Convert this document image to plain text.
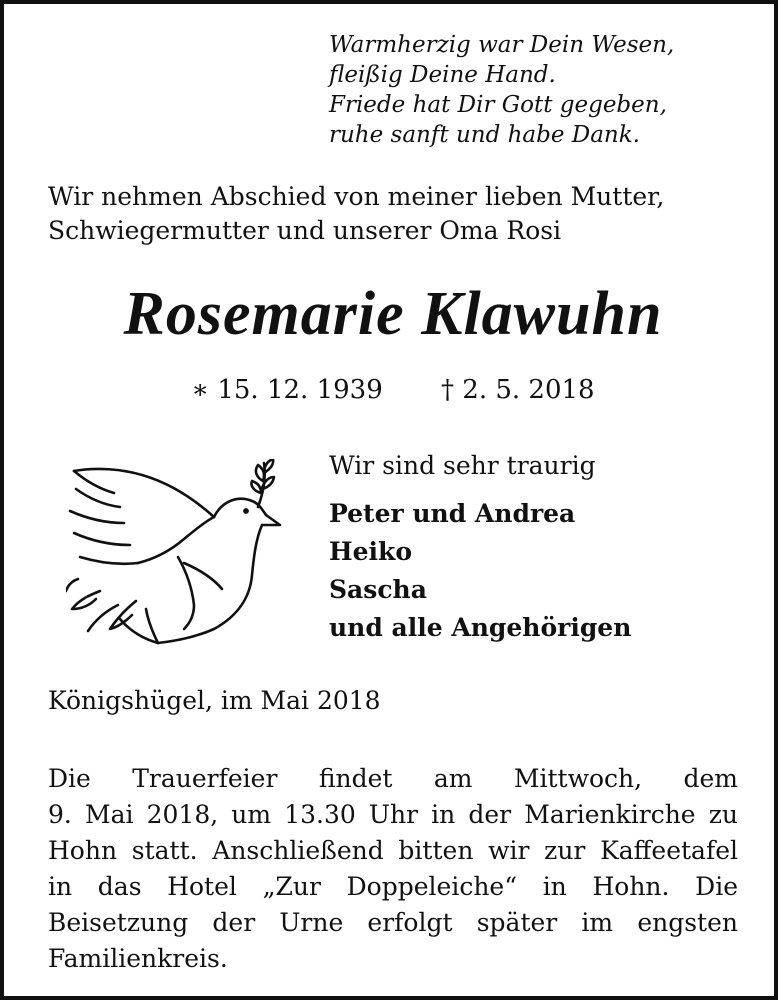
Warmherzig war Dein Wesen,
fleißig Deine Hand.
Friede hat Dir Gott gegeben,
ruhe sanft und habe Dank.
Wir nehmen Abschied von meiner lieben Mutter,
Schwiegermutter und unserer Oma Rosi
Rosemarie Klawuhn
∗ 15. 12. 1939 † 2. 5. 2018
Wir sind sehr traurig
Peter und Andrea
Heiko
Sascha
und alle Angehörigen
Königshügel, im Mai 2018
Die Trauerfeier findet am Mittwoch, dem
9. Mai 2018, um 13.30 Uhr in der Marienkirche zu
Hohn statt. Anschließend bitten wir zur Kaffeetafel
in das Hotel „Zur Doppeleiche“ in Hohn. Die
Beisetzung der Urne erfolgt später im engsten
Familienkreis.
